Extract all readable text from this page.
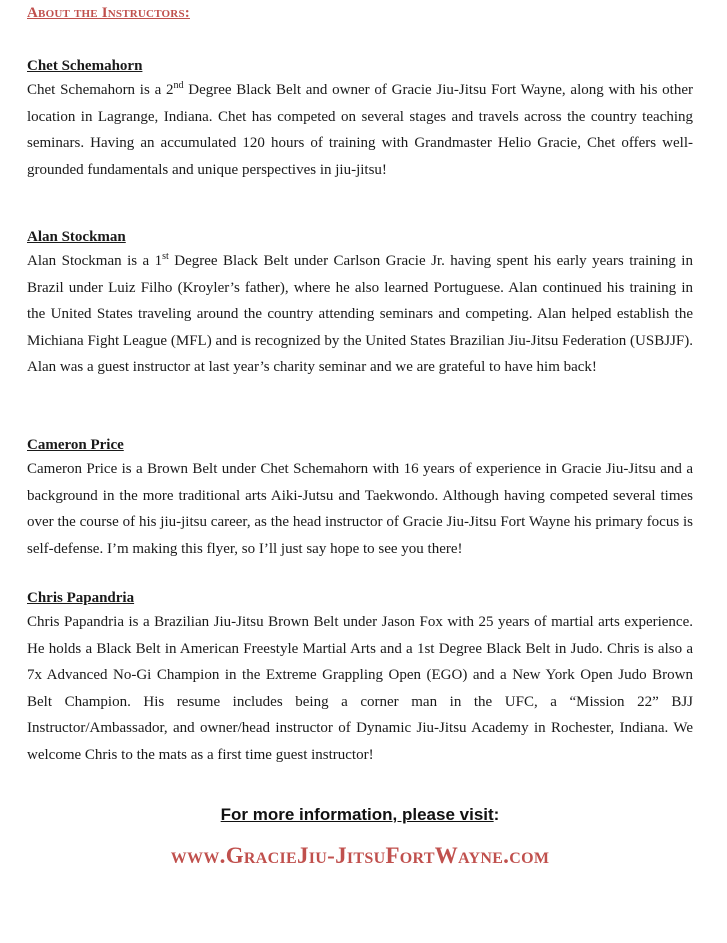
About the Instructors:

Chet Schemahorn

Chet Schemahorn is a 2nd Degree Black Belt and owner of Gracie Jiu-Jitsu Fort Wayne, along with his other location in Lagrange, Indiana. Chet has competed on several stages and travels across the country teaching seminars. Having an accumulated 120 hours of training with Grandmaster Helio Gracie, Chet offers well-grounded fundamentals and unique perspectives in jiu-jitsu!

Alan Stockman

Alan Stockman is a 1st Degree Black Belt under Carlson Gracie Jr. having spent his early years training in Brazil under Luiz Filho (Kroyler’s father), where he also learned Portuguese. Alan continued his training in the United States traveling around the country attending seminars and competing. Alan helped establish the Michiana Fight League (MFL) and is recognized by the United States Brazilian Jiu-Jitsu Federation (USBJJF). Alan was a guest instructor at last year’s charity seminar and we are grateful to have him back!

Cameron Price

Cameron Price is a Brown Belt under Chet Schemahorn with 16 years of experience in Gracie Jiu-Jitsu and a background in the more traditional arts Aiki-Jutsu and Taekwondo. Although having competed several times over the course of his jiu-jitsu career, as the head instructor of Gracie Jiu-Jitsu Fort Wayne his primary focus is self-defense. I’m making this flyer, so I’ll just say hope to see you there!

Chris Papandria

Chris Papandria is a Brazilian Jiu-Jitsu Brown Belt under Jason Fox with 25 years of martial arts experience. He holds a Black Belt in American Freestyle Martial Arts and a 1st Degree Black Belt in Judo. Chris is also a 7x Advanced No-Gi Champion in the Extreme Grappling Open (EGO) and a New York Open Judo Brown Belt Champion. His resume includes being a corner man in the UFC, a “Mission 22” BJJ Instructor/Ambassador, and owner/head instructor of Dynamic Jiu-Jitsu Academy in Rochester, Indiana. We welcome Chris to the mats as a first time guest instructor!

For more information, please visit:
www.GracieJiu-JitsuFortWayne.com
